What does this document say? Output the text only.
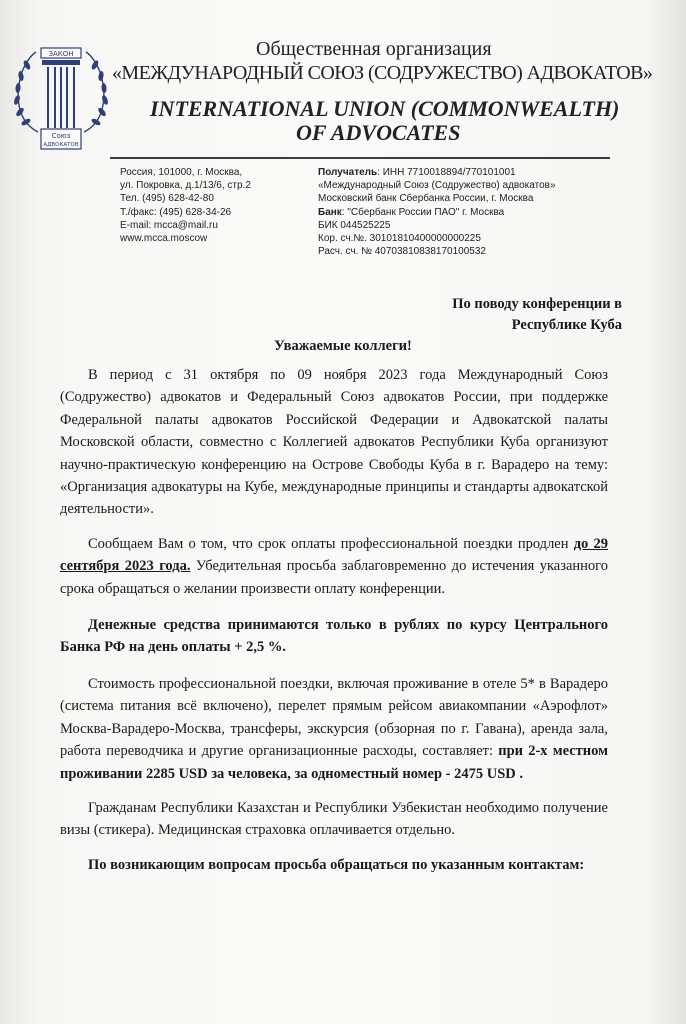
ЗАКОН
Союз
АДВОКАТОВ
Общественная организация
«МЕЖДУНАРОДНЫЙ СОЮЗ (СОДРУЖЕСТВО) АДВОКАТОВ»
INTERNATIONAL UNION (COMMONWEALTH)
OF ADVOCATES
Россия, 101000, г. Москва,
ул. Покровка, д.1/13/6, стр.2
Тел. (495) 628-42-80
Т./факс: (495) 628-34-26
E-mail: mcca@mail.ru
www.mcca.moscow
Получатель: ИНН 7710018894/770101001
«Международный Союз (Содружество) адвокатов»
Московский банк Сбербанка России, г. Москва
Банк: "Сбербанк России ПАО" г. Москва
БИК 044525225
Кор. сч.№. 30101810400000000225
Расч. сч. № 40703810838170100532
По поводу конференции в
Республике Куба
Уважаемые коллеги!

В период с 31 октября по 09 ноября 2023 года Международный Союз (Содружество) адвокатов и Федеральный Союз адвокатов России, при поддержке Федеральной палаты адвокатов Российской Федерации и Адвокатской палаты Московской области, совместно с Коллегией адвокатов Республики Куба организуют научно-практическую конференцию на Острове Свободы Куба в г. Варадеро на тему: «Организация адвокатуры на Кубе, международные принципы и стандарты адвокатской деятельности».

Сообщаем Вам о том, что срок оплаты профессиональной поездки продлен до 29 сентября 2023 года. Убедительная просьба заблаговременно до истечения указанного срока обращаться о желании произвести оплату конференции.

Денежные средства принимаются только в рублях по курсу Центрального Банка РФ на день оплаты + 2,5 %.

Стоимость профессиональной поездки, включая проживание в отеле 5* в Варадеро (система питания всё включено), перелет прямым рейсом авиакомпании «Аэрофлот» Москва-Варадеро-Москва, трансферы, экскурсия (обзорная по г. Гавана), аренда зала, работа переводчика и другие организационные расходы, составляет: при 2-х местном проживании 2285 USD за человека, за одноместный номер - 2475 USD .

Гражданам Республики Казахстан и Республики Узбекистан необходимо получение визы (стикера). Медицинская страховка оплачивается отдельно.

По возникающим вопросам просьба обращаться по указанным контактам:
